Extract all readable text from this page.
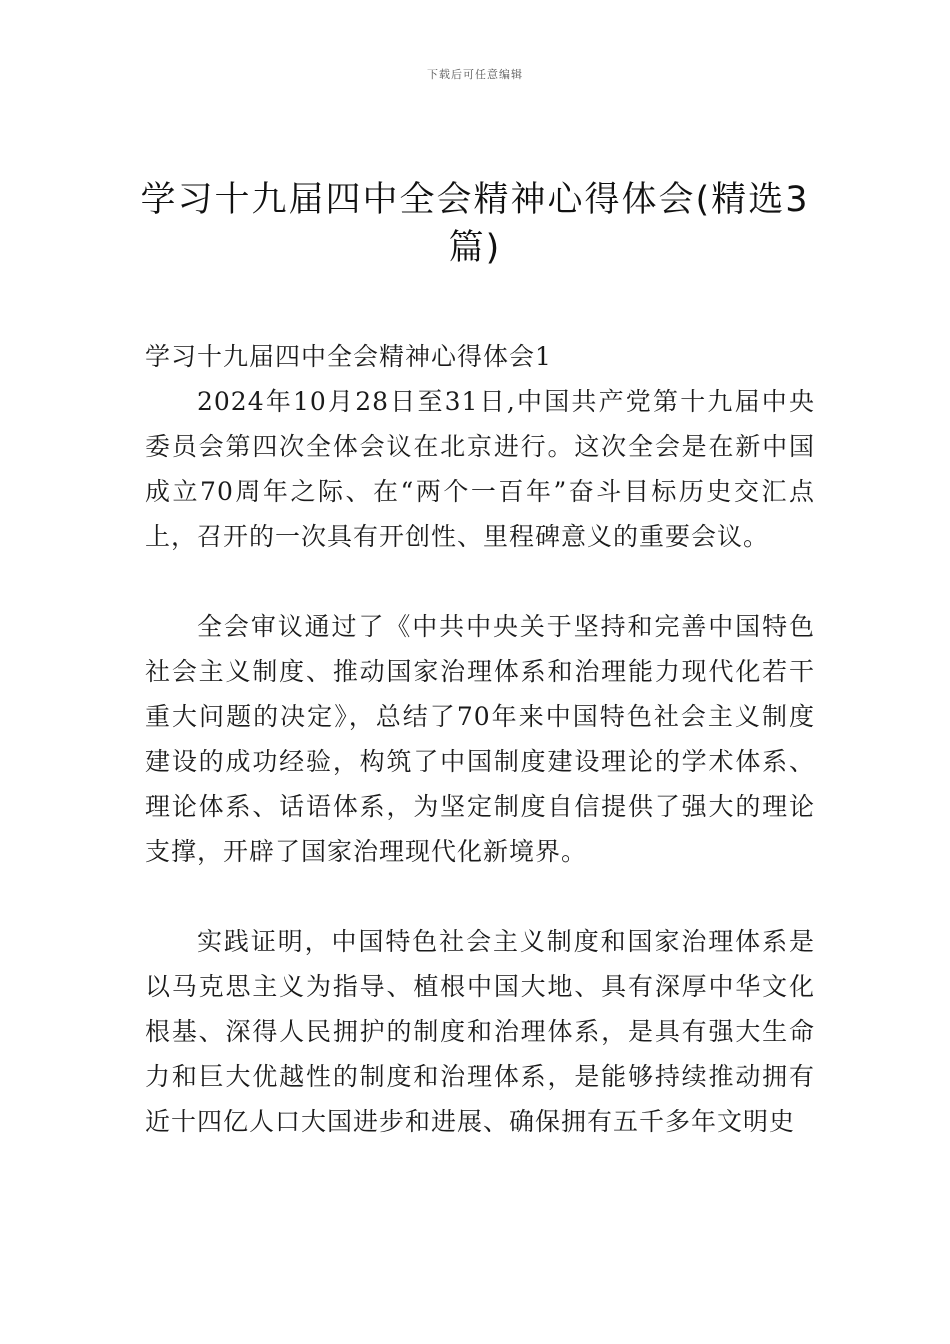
下载后可任意编辑
学习十九届四中全会精神心得体会(精选3篇)

学习十九届四中全会精神心得体会1

2024年10月28日至31日,中国共产党第十九届中央委员会第四次全体会议在北京进行。这次全会是在新中国成立70周年之际、在“两个一百年”奋斗目标历史交汇点上，召开的一次具有开创性、里程碑意义的重要会议。

全会审议通过了《中共中央关于坚持和完善中国特色社会主义制度、推动国家治理体系和治理能力现代化若干重大问题的决定》，总结了70年来中国特色社会主义制度建设的成功经验，构筑了中国制度建设理论的学术体系、理论体系、话语体系，为坚定制度自信提供了强大的理论支撑，开辟了国家治理现代化新境界。

实践证明，中国特色社会主义制度和国家治理体系是以马克思主义为指导、植根中国大地、具有深厚中华文化根基、深得人民拥护的制度和治理体系，是具有强大生命力和巨大优越性的制度和治理体系，是能够持续推动拥有近十四亿人口大国进步和进展、确保拥有五千多年文明史
